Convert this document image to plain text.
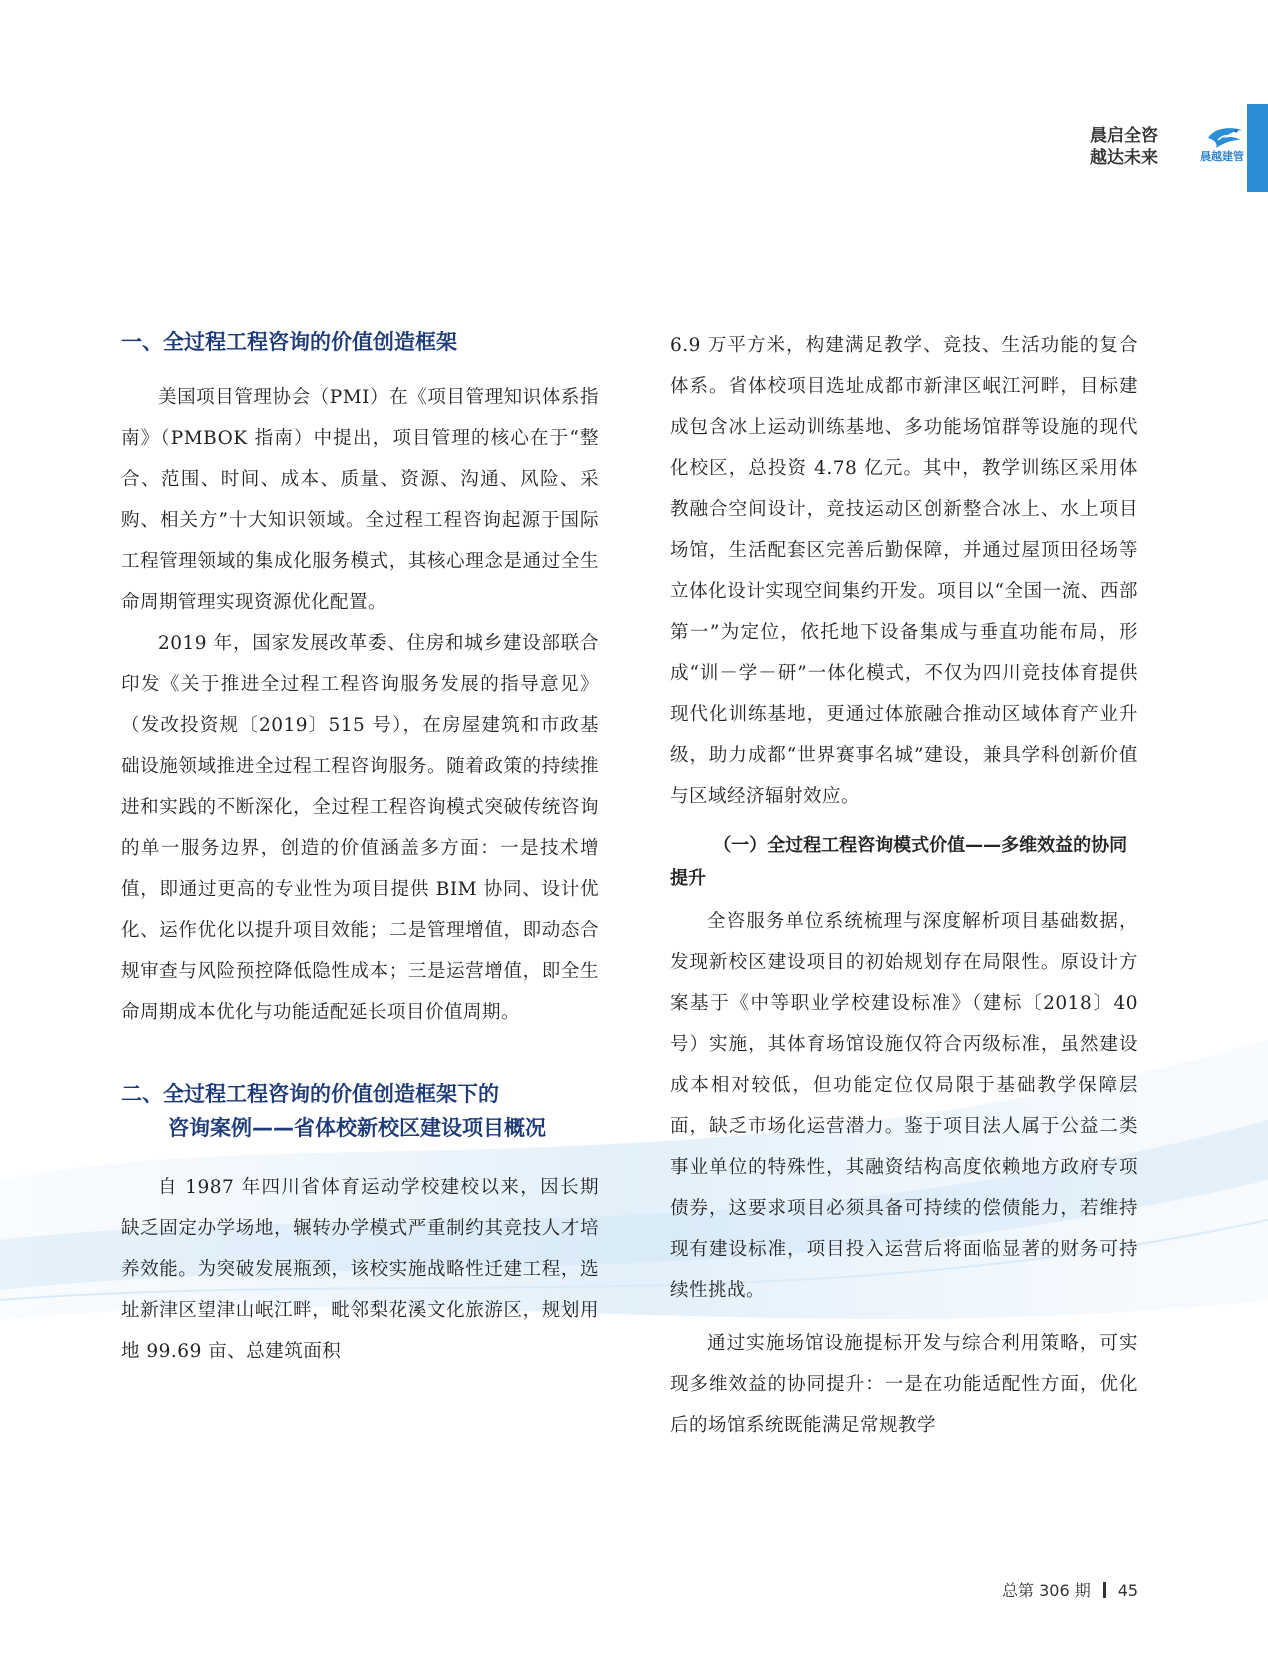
晨启全咨
越达未来	晨越建管
一、全过程工程咨询的价值创造框架

美国项目管理协会（PMI）在《项目管理知识体系指南》（PMBOK 指南）中提出，项目管理的核心在于“整合、范围、时间、成本、质量、资源、沟通、风险、采购、相关方”十大知识领域。全过程工程咨询起源于国际工程管理领域的集成化服务模式，其核心理念是通过全生命周期管理实现资源优化配置。

2019 年，国家发展改革委、住房和城乡建设部联合印发《关于推进全过程工程咨询服务发展的指导意见》（发改投资规〔2019〕515 号），在房屋建筑和市政基础设施领域推进全过程工程咨询服务。随着政策的持续推进和实践的不断深化，全过程工程咨询模式突破传统咨询的单一服务边界，创造的价值涵盖多方面：一是技术增值，即通过更高的专业性为项目提供 BIM 协同、设计优化、运作优化以提升项目效能；二是管理增值，即动态合规审查与风险预控降低隐性成本；三是运营增值，即全生命周期成本优化与功能适配延长项目价值周期。

二、全过程工程咨询的价值创造框架下的
咨询案例——省体校新校区建设项目概况

自 1987 年四川省体育运动学校建校以来，因长期缺乏固定办学场地，辗转办学模式严重制约其竞技人才培养效能。为突破发展瓶颈，该校实施战略性迁建工程，选址新津区望津山岷江畔，毗邻梨花溪文化旅游区，规划用地 99.69 亩、总建筑面积

6.9 万平方米，构建满足教学、竞技、生活功能的复合体系。省体校项目选址成都市新津区岷江河畔，目标建成包含冰上运动训练基地、多功能场馆群等设施的现代化校区，总投资 4.78 亿元。其中，教学训练区采用体教融合空间设计，竞技运动区创新整合冰上、水上项目场馆，生活配套区完善后勤保障，并通过屋顶田径场等立体化设计实现空间集约开发。项目以“全国一流、西部第一”为定位，依托地下设备集成与垂直功能布局，形成“训－学－研”一体化模式，不仅为四川竞技体育提供现代化训练基地，更通过体旅融合推动区域体育产业升级，助力成都“世界赛事名城”建设，兼具学科创新价值与区域经济辐射效应。

（一）全过程工程咨询模式价值——多维效益的协同提升

全咨服务单位系统梳理与深度解析项目基础数据，发现新校区建设项目的初始规划存在局限性。原设计方案基于《中等职业学校建设标准》（建标〔2018〕40 号）实施，其体育场馆设施仅符合丙级标准，虽然建设成本相对较低，但功能定位仅局限于基础教学保障层面，缺乏市场化运营潜力。鉴于项目法人属于公益二类事业单位的特殊性，其融资结构高度依赖地方政府专项债券，这要求项目必须具备可持续的偿债能力，若维持现有建设标准，项目投入运营后将面临显著的财务可持续性挑战。

通过实施场馆设施提标开发与综合利用策略，可实现多维效益的协同提升：一是在功能适配性方面，优化后的场馆系统既能满足常规教学

总第 306 期 45
